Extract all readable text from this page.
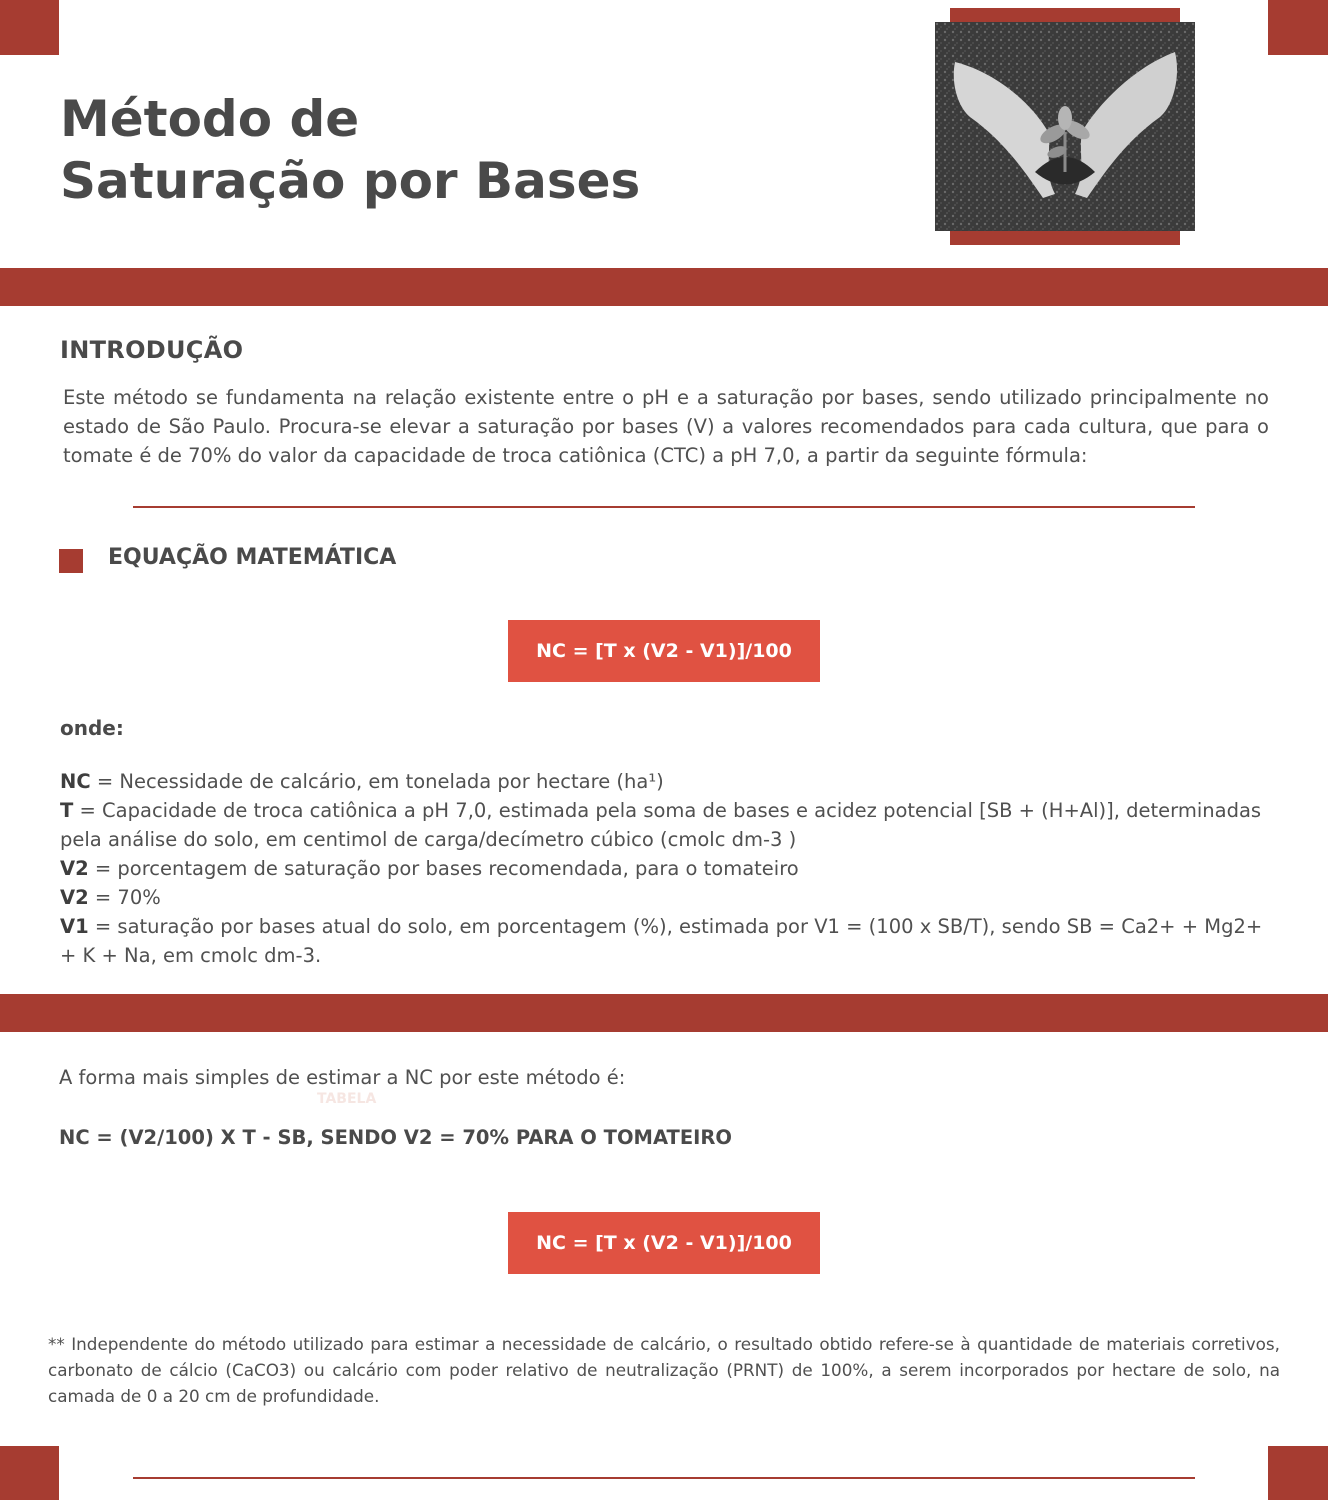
Método de
Saturação por Bases
INTRODUÇÃO

Este método se fundamenta na relação existente entre o pH e a saturação por bases, sendo utilizado principalmente no estado de São Paulo. Procura-se elevar a saturação por bases (V) a valores recomendados para cada cultura, que para o tomate é de 70% do valor da capacidade de troca catiônica (CTC) a pH 7,0, a partir da seguinte fórmula:

EQUAÇÃO MATEMÁTICA
NC = [T x (V2 - V1)]/100

onde:

NC = Necessidade de calcário, em tonelada por hectare (ha¹)

T = Capacidade de troca catiônica a pH 7,0, estimada pela soma de bases e acidez potencial [SB + (H+Al)], determinadas pela análise do solo, em centimol de carga/decímetro cúbico (cmolc dm-3 )

V2 = porcentagem de saturação por bases recomendada, para o tomateiro

V2 = 70%

V1 = saturação por bases atual do solo, em porcentagem (%), estimada por V1 = (100 x SB/T), sendo SB = Ca2+ + Mg2+ + K + Na, em cmolc dm-3.

A forma mais simples de estimar a NC por este método é:

TABELA

NC = (V2/100) X T - SB, SENDO V2 = 70% PARA O TOMATEIRO

NC = [T x (V2 - V1)]/100

** Independente do método utilizado para estimar a necessidade de calcário, o resultado obtido refere-se à quantidade de materiais corretivos, carbonato de cálcio (CaCO3) ou calcário com poder relativo de neutralização (PRNT) de 100%, a serem incorporados por hectare de solo, na camada de 0 a 20 cm de profundidade.
